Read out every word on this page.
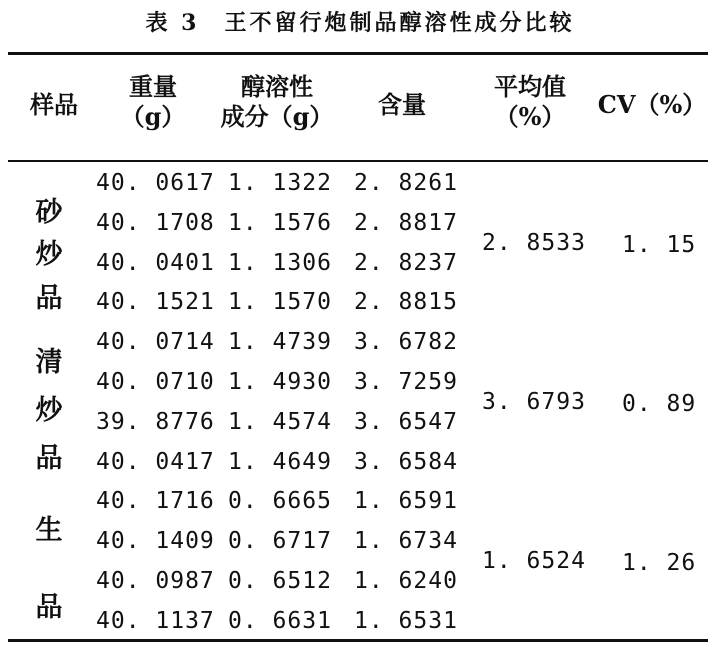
表 3　王不留行炮制品醇溶性成分比较
样品
重量
（g）
醇溶性
成分（g）	含量
平均值
（%）	CV（%）
砂
炒
品
40. 0617 1. 1322 2. 8261
40. 1708 1. 1576 2. 8817
40. 0401 1. 1306 2. 8237
40. 1521 1. 1570 2. 8815
2. 8533 1. 15
清
炒
品
40. 0714 1. 4739 3. 6782
40. 0710 1. 4930 3. 7259
39. 8776 1. 4574 3. 6547
40. 0417 1. 4649 3. 6584
3. 6793 0. 89
生
品
40. 1716 0. 6665 1. 6591
40. 1409 0. 6717 1. 6734
40. 0987 0. 6512 1. 6240
40. 1137 0. 6631 1. 6531
1. 6524 1. 26
